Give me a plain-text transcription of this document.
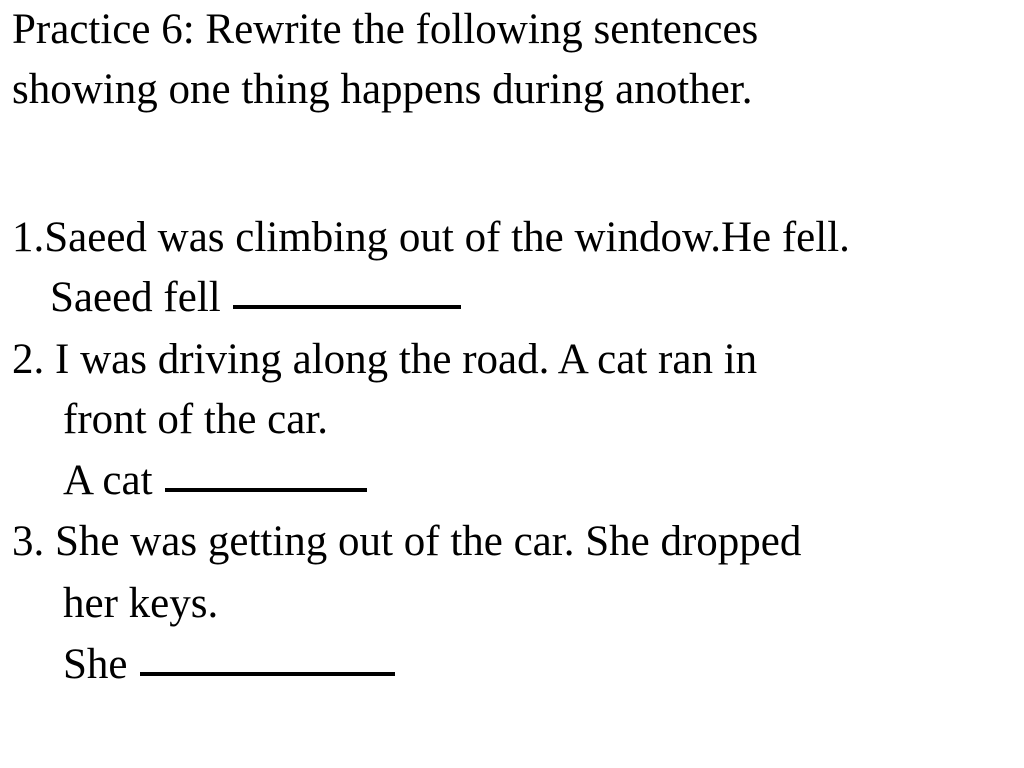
Practice 6: Rewrite the following sentences
showing one thing happens during another.
1.Saeed was climbing out of the window.He fell.
Saeed fell
2. I was driving along the road. A cat ran in
front of the car.
A cat
3. She was getting out of the car. She dropped
her keys.
She
